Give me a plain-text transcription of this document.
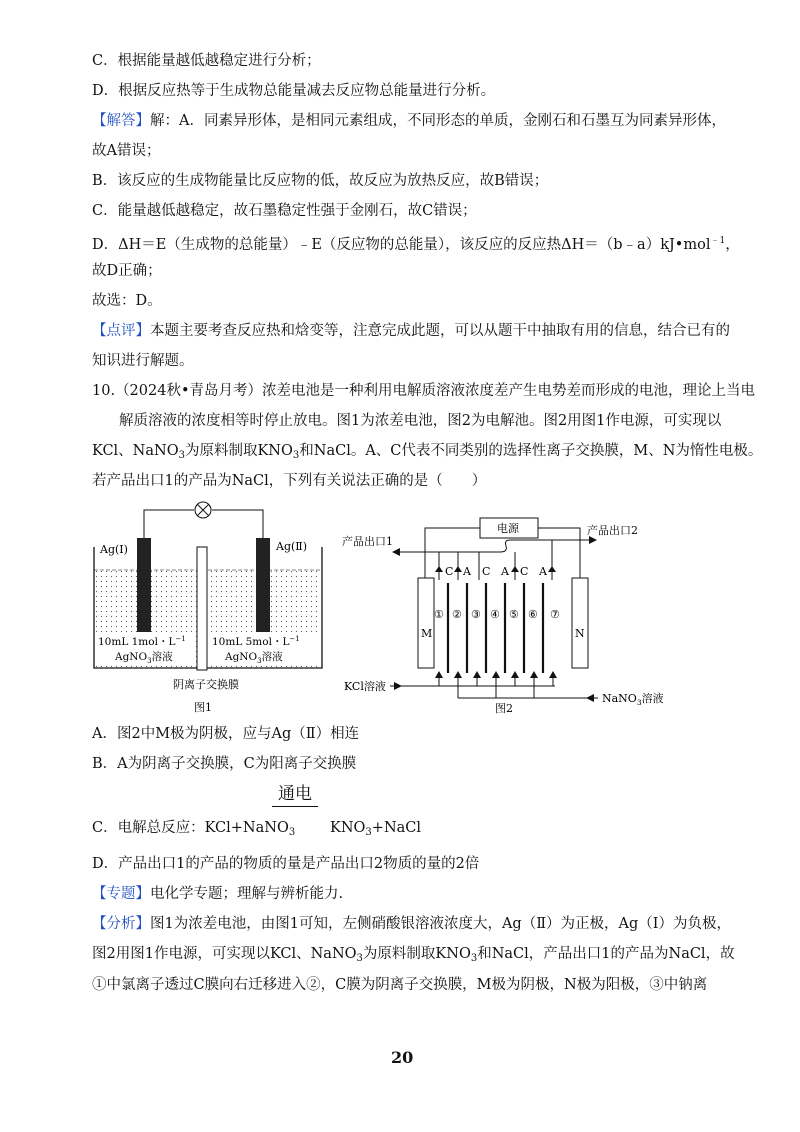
C．根据能量越低越稳定进行分析；
D．根据反应热等于生成物总能量减去反应物总能量进行分析。
【解答】解：A．同素异形体，是相同元素组成，不同形态的单质，金刚石和石墨互为同素异形体，
故A错误；
B．该反应的生成物能量比反应物的低，故反应为放热反应，故B错误；
C．能量越低越稳定，故石墨稳定性强于金刚石，故C错误；
D．ΔH＝E（生成物的总能量）﹣E（反应物的总能量），该反应的反应热ΔH＝（b﹣a）kJ•mol$^{﹣1}$，
故D正确；
故选：D。
【点评】本题主要考查反应热和焓变等，注意完成此题，可以从题干中抽取有用的信息，结合已有的
知识进行解题。
10.（2024秋•青岛月考）浓差电池是一种利用电解质溶液浓度差产生电势差而形成的电池，理论上当电
解质溶液的浓度相等时停止放电。图1为浓差电池，图2为电解池。图2用图1作电源，可实现以
KCl、NaNO$_3$为原料制取$KNO_3$和NaCl。A、C代表不同类别的选择性离子交换膜，M、N为惰性电极。
若产品出口1的产品为NaCl，下列有关说法正确的是（　　）
Ag(I)	Ag(Ⅱ)
10mL 1mol・$L^{-1}$
AgNO$_3$溶液
10mL 5mol・$L^{-1}$
AgNO$_3$溶液
阴离子交换膜
图1
电源
M	N
C A C A C A
① ② ③ ④ ⑤ ⑥ ⑦
产品出口1
产品出口2
KCl溶液
NaNO$_3$溶液
图2
A．图2中M极为阴极，应与Ag（Ⅱ）相连
B．A为阴离子交换膜，C为阳离子交换膜
通电
C．电解总反应：KCl+NaNO$_3$ $KNO_3+NaCl$
D．产品出口1的产品的物质的量是产品出口2物质的量的2倍
【专题】电化学专题；理解与辨析能力.
【分析】图1为浓差电池，由图1可知，左侧硝酸银溶液浓度大，Ag（Ⅱ）为正极，Ag（Ⅰ）为负极，
图2用图1作电源，可实现以KCl、NaNO$_3$为原料制取$KNO_3$和NaCl，产品出口1的产品为NaCl，故
①中氯离子透过C膜向右迁移进入②，C膜为阴离子交换膜，M极为阴极，N极为阳极，③中钠离
20
